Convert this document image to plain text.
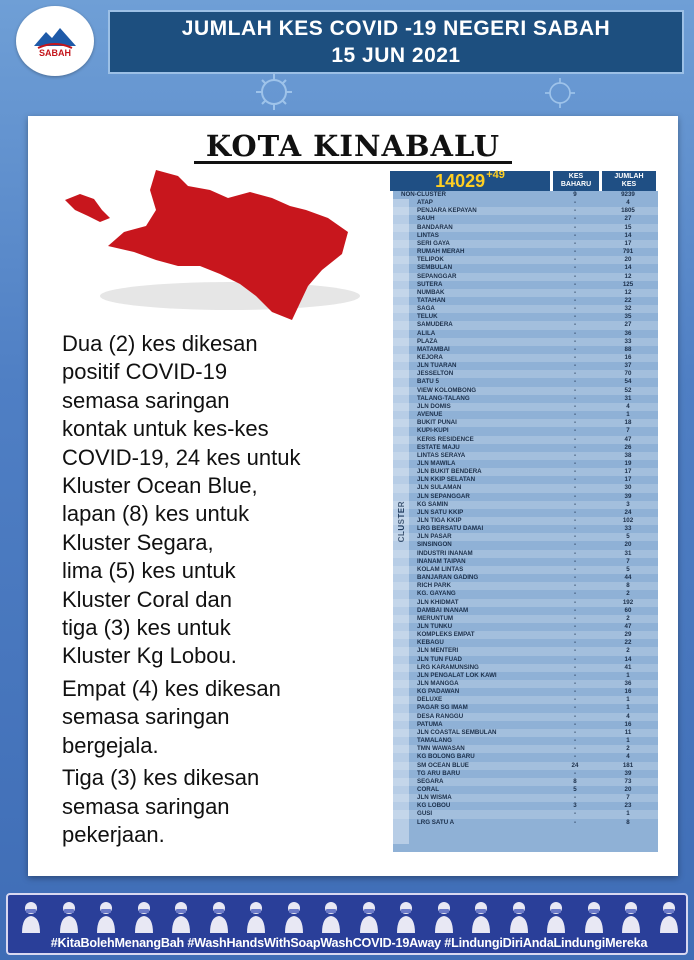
SABAH
JUMLAH KES COVID -19 NEGERI SABAH
15 JUN 2021
KOTA KINABALU

Dua (2) kes dikesan
positif COVID-19
semasa saringan
kontak untuk kes-kes
COVID-19, 24 kes untuk
Kluster Ocean Blue,
lapan (8) kes untuk
Kluster Segara,
lima (5) kes untuk
Kluster Coral dan
tiga (3) kes untuk
Kluster Kg Lobou.

Empat (4) kes dikesan
semasa saringan
bergejala.

Tiga (3) kes dikesan
semasa saringan
pekerjaan.

14029 +49	KES
BAHARU
JUMLAH
KES
NON-CLUSTER	9	9239
CLUSTER
ATAP	-	4
PENJARA KEPAYAN	-	1805
SAUH	-	27
BANDARAN	-	15
LINTAS	-	14
SERI GAYA	-	17
RUMAH MERAH	-	791
TELIPOK	-	20
SEMBULAN	-	14
SEPANGGAR	-	12
SUTERA	-	125
NUMBAK	-	12
TATAHAN	-	22
SAGA	-	32
TELUK	-	35
SAMUDERA	-	27
ALILA	-	36
PLAZA	-	33
MATAMBAI	-	88
KEJORA	-	16
JLN TUARAN	-	37
JESSELTON	-	70
BATU 5	-	54
VIEW KOLOMBONG	-	52
TALANG-TALANG	-	31
JLN DOMIS	-	4
AVENUE	-	1
BUKIT PUNAI	-	18
KUPI-KUPI	-	7
KERIS RESIDENCE	-	47
ESTATE MAJU	-	26
LINTAS SERAYA	-	38
JLN MAWILA	-	19
JLN BUKIT BENDERA	-	17
JLN KKIP SELATAN	-	17
JLN SULAMAN	-	30
JLN SEPANGGAR	-	39
KG SAMIN	-	3
JLN SATU KKIP	-	24
JLN TIGA KKIP	-	102
LRG BERSATU DAMAI	-	33
JLN PASAR	-	5
SINSINGON	-	20
INDUSTRI INANAM	-	31
INANAM TAIPAN	-	7
KOLAM LINTAS	-	5
BANJARAN GADING	-	44
RICH PARK	-	8
KG. GAYANG	-	2
JLN KHIDMAT	-	192
DAMBAI INANAM	-	60
MERUNTUM	-	2
JLN TUNKU	-	47
KOMPLEKS EMPAT	-	29
KEBAGU	-	22
JLN MENTERI	-	2
JLN TUN FUAD	-	14
LRG KARAMUNSING	-	41
JLN PENGALAT LOK KAWI	-	1
JLN MANGGA	-	36
KG PADAWAN	-	16
DELUXE	-	1
PAGAR SG IMAM	-	1
DESA RANGGU	-	4
PATUMA	-	16
JLN COASTAL SEMBULAN	-	11
TAMALANG	-	1
TMN WAWASAN	-	2
KG BOLONG BARU	-	4
SM OCEAN BLUE	24	181
TG ARU BARU	-	39
SEGARA	8	73
CORAL	5	20
JLN WISMA	-	7
KG LOBOU	3	23
GUSI	-	1
LRG SATU A	-	8
#KitaBolehMenangBah #WashHandsWithSoapWashCOVID-19Away #LindungiDiriAndaLindungiMereka
